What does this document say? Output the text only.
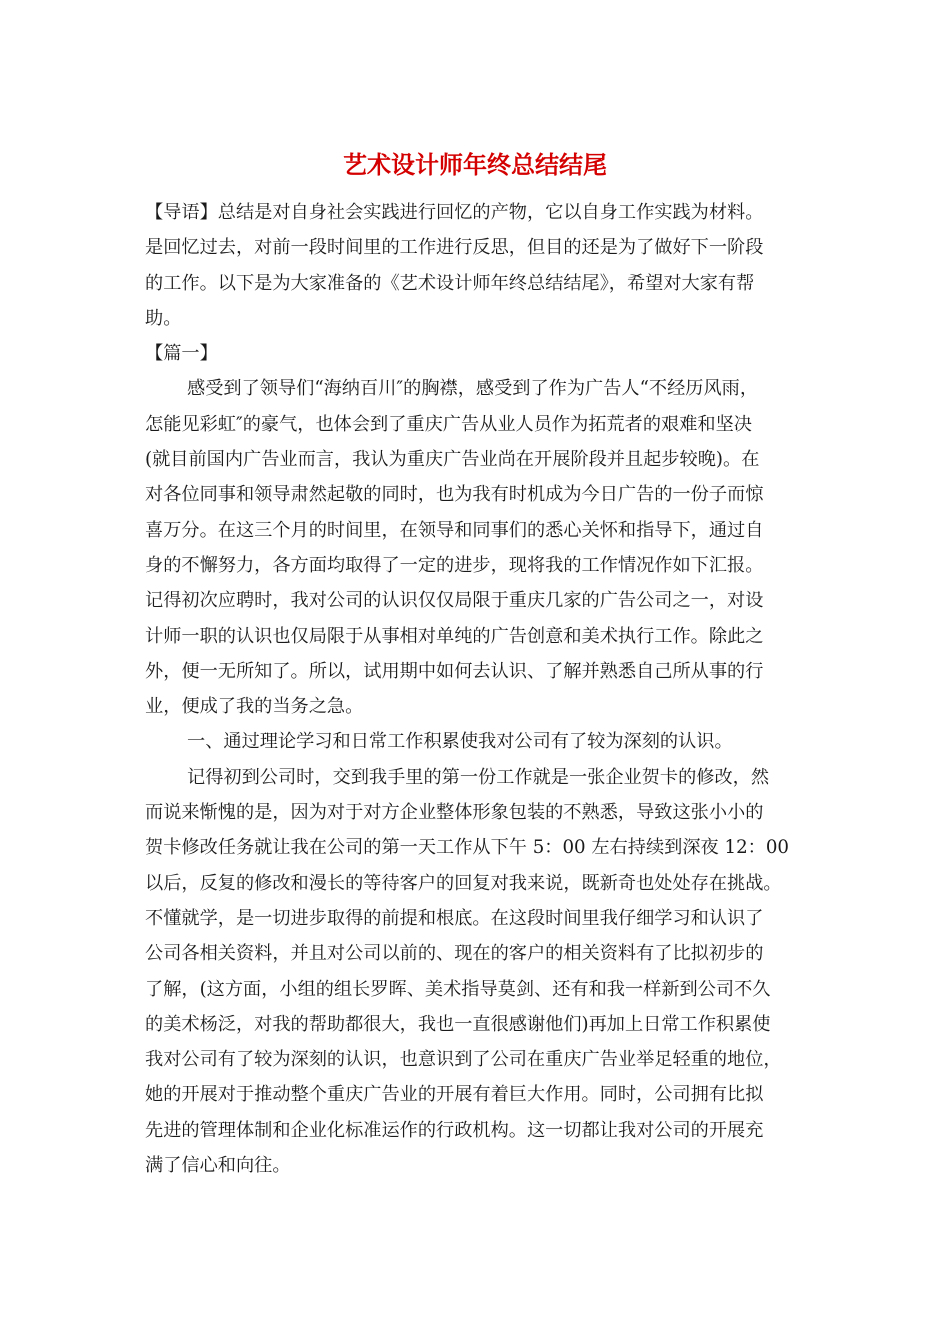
艺术设计师年终总结结尾
【导语】总结是对自身社会实践进行回忆的产物，它以自身工作实践为材料。
是回忆过去，对前一段时间里的工作进行反思，但目的还是为了做好下一阶段
的工作。以下是为大家准备的《艺术设计师年终总结结尾》，希望对大家有帮
助。
【篇一】
感受到了领导们“海纳百川″的胸襟，感受到了作为广告人“不经历风雨，
怎能见彩虹″的豪气，也体会到了重庆广告从业人员作为拓荒者的艰难和坚决
(就目前国内广告业而言，我认为重庆广告业尚在开展阶段并且起步较晚)。在
对各位同事和领导肃然起敬的同时，也为我有时机成为今日广告的一份子而惊
喜万分。在这三个月的时间里，在领导和同事们的悉心关怀和指导下，通过自
身的不懈努力，各方面均取得了一定的进步，现将我的工作情况作如下汇报。
记得初次应聘时，我对公司的认识仅仅局限于重庆几家的广告公司之一，对设
计师一职的认识也仅局限于从事相对单纯的广告创意和美术执行工作。除此之
外，便一无所知了。所以，试用期中如何去认识、了解并熟悉自己所从事的行
业，便成了我的当务之急。
一、通过理论学习和日常工作积累使我对公司有了较为深刻的认识。
记得初到公司时，交到我手里的第一份工作就是一张企业贺卡的修改，然
而说来惭愧的是，因为对于对方企业整体形象包装的不熟悉，导致这张小小的
贺卡修改任务就让我在公司的第一天工作从下午 5：00 左右持续到深夜 12：00
以后，反复的修改和漫长的等待客户的回复对我来说，既新奇也处处存在挑战。
不懂就学，是一切进步取得的前提和根底。在这段时间里我仔细学习和认识了
公司各相关资料，并且对公司以前的、现在的客户的相关资料有了比拟初步的
了解，(这方面，小组的组长罗晖、美术指导莫剑、还有和我一样新到公司不久
的美术杨泛，对我的帮助都很大，我也一直很感谢他们)再加上日常工作积累使
我对公司有了较为深刻的认识，也意识到了公司在重庆广告业举足轻重的地位，
她的开展对于推动整个重庆广告业的开展有着巨大作用。同时，公司拥有比拟
先进的管理体制和企业化标准运作的行政机构。这一切都让我对公司的开展充
满了信心和向往。
